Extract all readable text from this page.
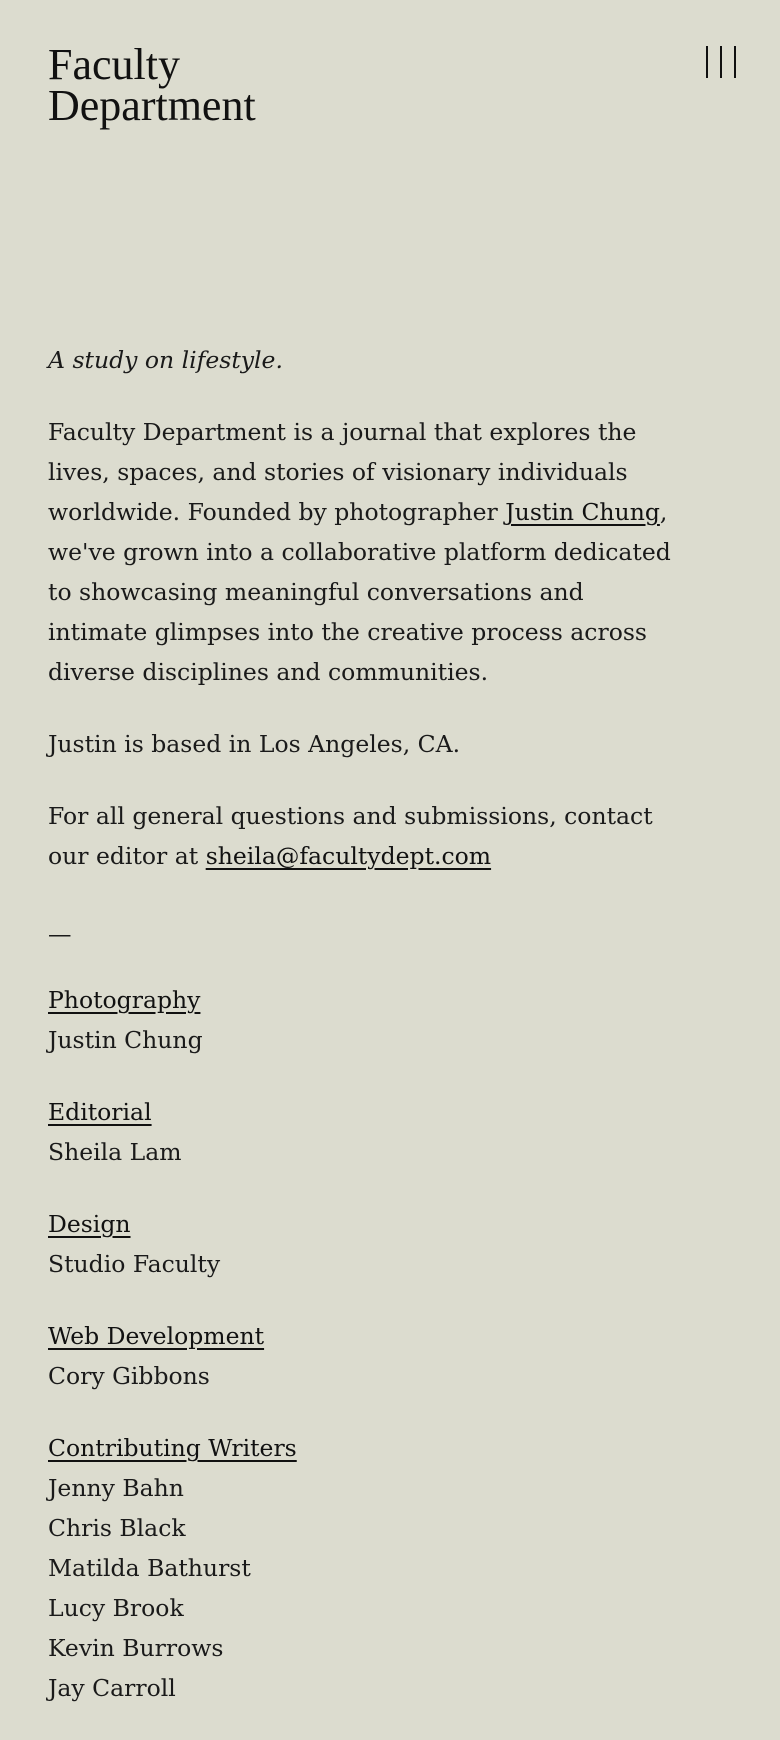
Faculty
Department

A study on lifestyle.

Faculty Department is a journal that explores the lives, spaces, and stories of visionary individuals worldwide. Founded by photographer Justin Chung, we've grown into a collaborative platform dedicated to showcasing meaningful conversations and intimate glimpses into the creative process across diverse disciplines and communities.

Justin is based in Los Angeles, CA.

For all general questions and submissions, contact our editor at sheila@facultydept.com

—
Photography
Justin Chung
Editorial
Sheila Lam
Design
Studio Faculty
Web Development
Cory Gibbons
Contributing Writers
Jenny Bahn
Chris Black
Matilda Bathurst
Lucy Brook
Kevin Burrows
Jay Carroll
